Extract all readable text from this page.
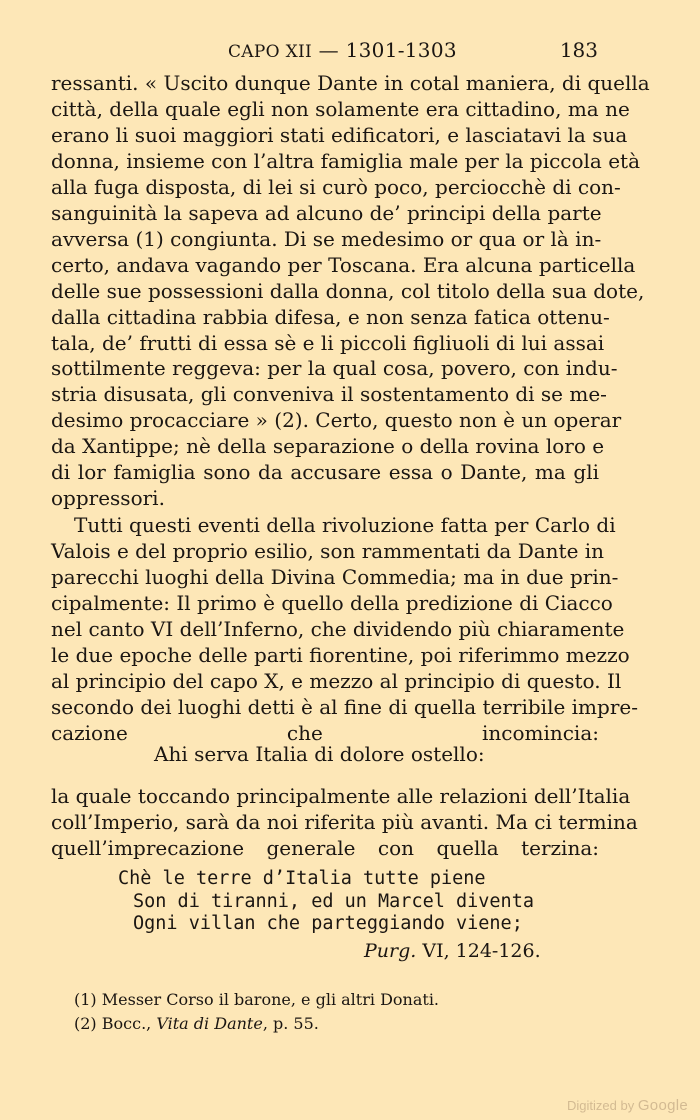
CAPO XII — 1301-1303	183

ressanti. « Uscito dunque Dante in cotal maniera, di quella
città, della quale egli non solamente era cittadino, ma ne
erano li suoi maggiori stati edificatori, e lasciatavi la sua
donna, insieme con l’altra famiglia male per la piccola età
alla fuga disposta, di lei si curò poco, perciocchè di con-
sanguinità la sapeva ad alcuno de’ principi della parte
avversa (1) congiunta. Di se medesimo or qua or là in-
certo, andava vagando per Toscana. Era alcuna particella
delle sue possessioni dalla donna, col titolo della sua dote,
dalla cittadina rabbia difesa, e non senza fatica ottenu-
tala, de’ frutti di essa sè e li piccoli figliuoli di lui assai
sottilmente reggeva: per la qual cosa, povero, con indu-
stria disusata, gli conveniva il sostentamento di se me-
desimo procacciare » (2). Certo, questo non è un operar
da Xantippe; nè della separazione o della rovina loro e
di lor famiglia sono da accusare essa o Dante, ma gli
oppressori.

Tutti questi eventi della rivoluzione fatta per Carlo di
Valois e del proprio esilio, son rammentati da Dante in
parecchi luoghi della Divina Commedia; ma in due prin-
cipalmente: Il primo è quello della predizione di Ciacco
nel canto VI dell’Inferno, che dividendo più chiaramente
le due epoche delle parti fiorentine, poi riferimmo mezzo
al principio del capo X, e mezzo al principio di questo. Il
secondo dei luoghi detti è al fine di quella terribile impre-
cazione che incomincia:

Ahi serva Italia di dolore ostello:

la quale toccando principalmente alle relazioni dell’Italia
coll’Imperio, sarà da noi riferita più avanti. Ma ci termina
quell’imprecazione generale con quella terzina:

Chè le terre d’Italia tutte piene
Son di tiranni, ed un Marcel diventa
Ogni villan che parteggiando viene;
Purg. VI, 124-126.
(1) Messer Corso il barone, e gli altri Donati.
(2) Bocc., Vita di Dante, p. 55.
Digitized by Google
